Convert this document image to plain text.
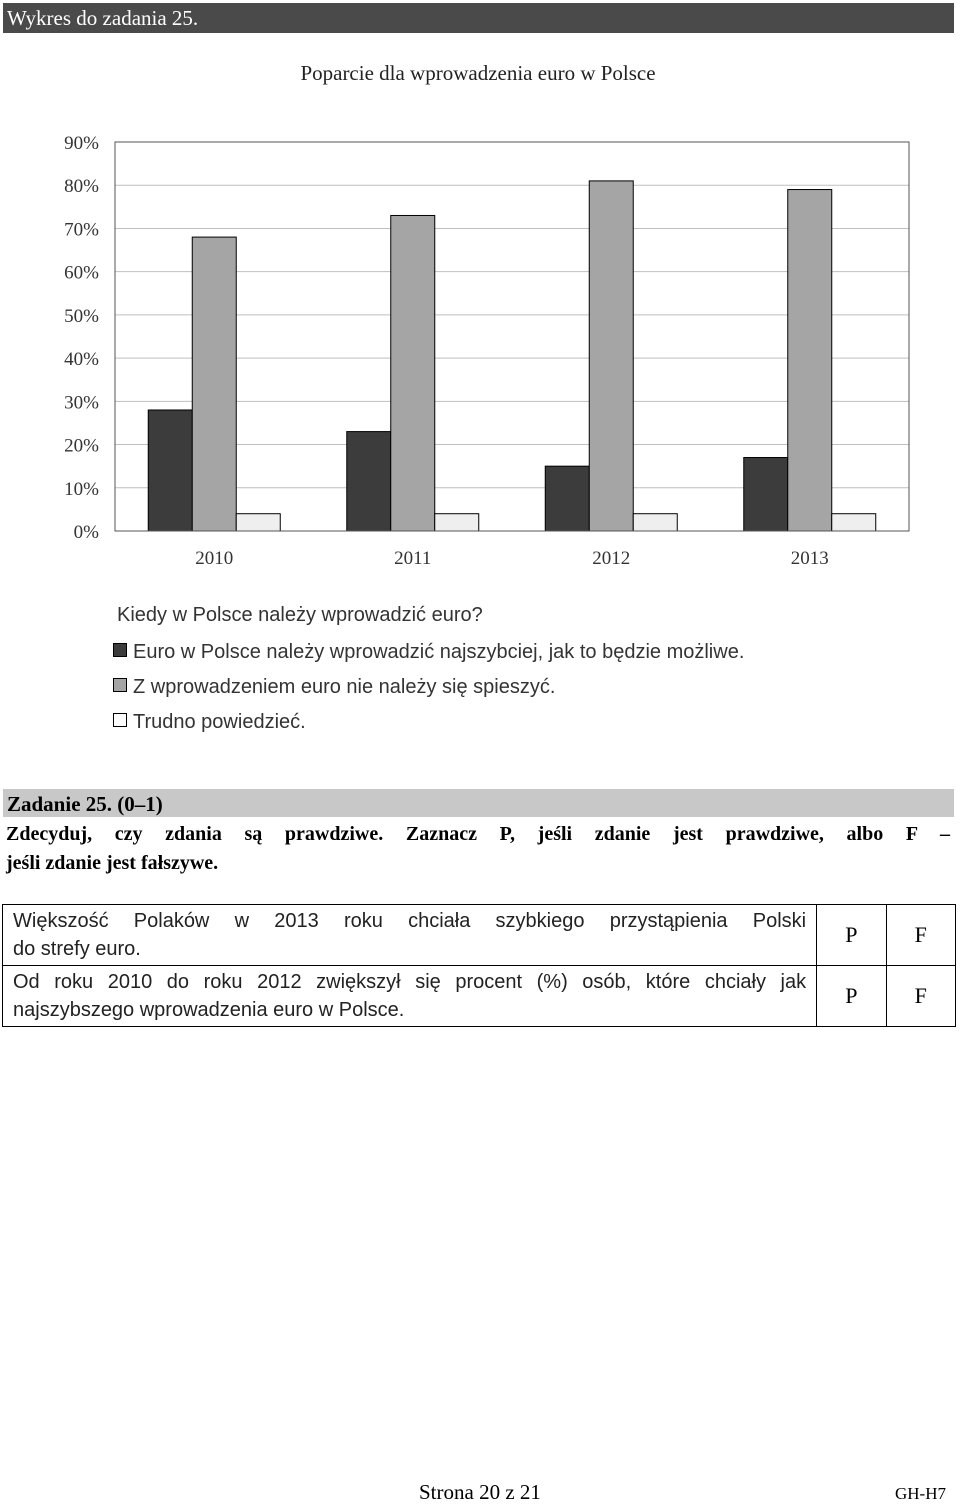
Wykres do zadania 25.
Poparcie dla wprowadzenia euro w Polsce
0%
10%
20%
30%
40%
50%
60%
70%
80%
90%
2010	2011	2012	2013
Kiedy w Polsce należy wprowadzić euro?
Euro w Polsce należy wprowadzić najszybciej, jak to będzie możliwe.
Z wprowadzeniem euro nie należy się spieszyć.
Trudno powiedzieć.
Zadanie 25. (0–1)
Zdecyduj, czy zdania są prawdziwe. Zaznacz P, jeśli zdanie jest prawdziwe, albo F –
jeśli zdanie jest fałszywe.
Większość Polaków w 2013 roku chciała szybkiego przystąpienia Polski
do strefy euro.	P	F

Od roku 2010 do roku 2012 zwiększył się procent (%) osób, które chciały jak
najszybszego wprowadzenia euro w Polsce.	P	F
Strona 20 z 21	GH-H7
